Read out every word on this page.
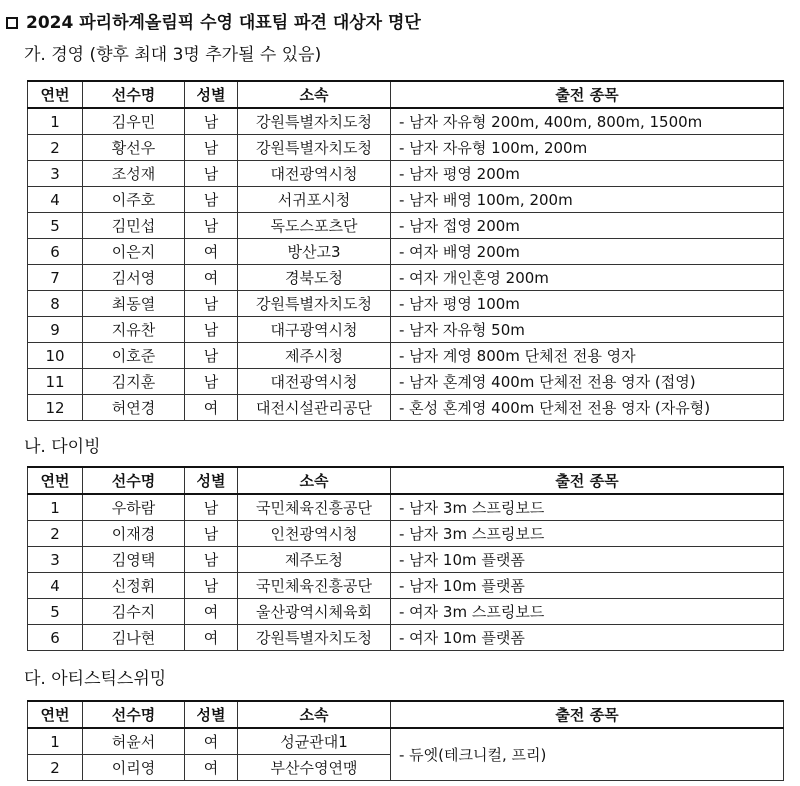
2024 파리하계올림픽 수영 대표팀 파견 대상자 명단
가. 경영 (향후 최대 3명 추가될 수 있음)
연번	선수명	성별	소속	출전 종목
1	김우민	남	강원특별자치도청	- 남자 자유형 200m, 400m, 800m, 1500m
2	황선우	남	강원특별자치도청	- 남자 자유형 100m, 200m
3	조성재	남	대전광역시청	- 남자 평영 200m
4	이주호	남	서귀포시청	- 남자 배영 100m, 200m
5	김민섭	남	독도스포츠단	- 남자 접영 200m
6	이은지	여	방산고3	- 여자 배영 200m
7	김서영	여	경북도청	- 여자 개인혼영 200m
8	최동열	남	강원특별자치도청	- 남자 평영 100m
9	지유찬	남	대구광역시청	- 남자 자유형 50m
10	이호준	남	제주시청	- 남자 계영 800m 단체전 전용 영자
11	김지훈	남	대전광역시청	- 남자 혼계영 400m 단체전 전용 영자 (접영)
12	허연경	여	대전시설관리공단	- 혼성 혼계영 400m 단체전 전용 영자 (자유형)
나. 다이빙
연번	선수명	성별	소속	출전 종목
1	우하람	남	국민체육진흥공단	- 남자 3m 스프링보드
2	이재경	남	인천광역시청	- 남자 3m 스프링보드
3	김영택	남	제주도청	- 남자 10m 플랫폼
4	신정휘	남	국민체육진흥공단	- 남자 10m 플랫폼
5	김수지	여	울산광역시체육회	- 여자 3m 스프링보드
6	김나현	여	강원특별자치도청	- 여자 10m 플랫폼
다. 아티스틱스위밍
연번	선수명	성별	소속	출전 종목
1	허윤서	여	성균관대1	- 듀엣(테크니컬, 프리)
2	이리영	여	부산수영연맹	
